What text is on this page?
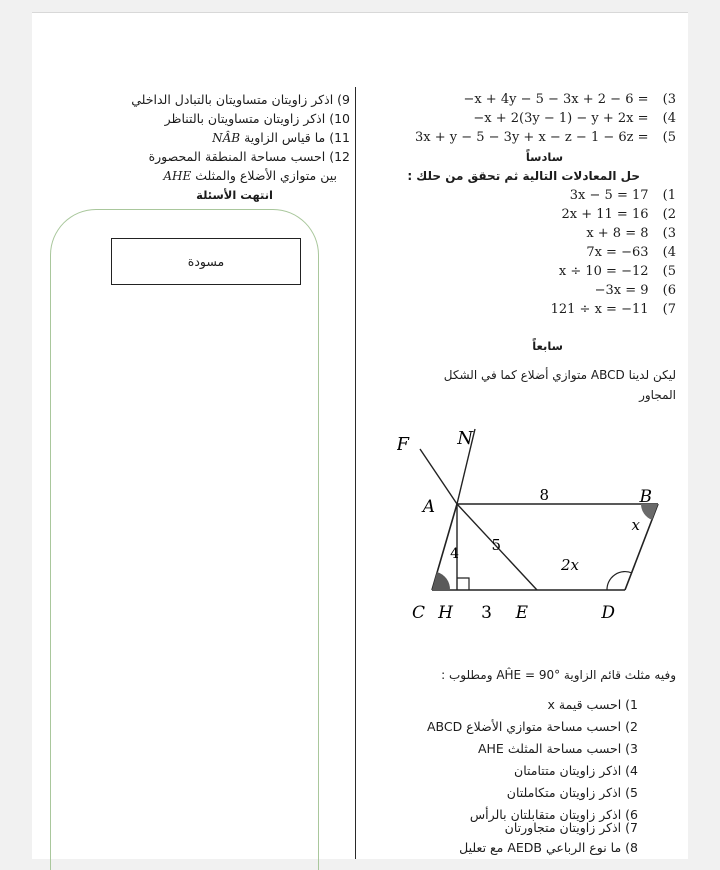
9) اذكر زاويتان متساويتان بالتبادل الداخلي
10) اذكر زاويتان متساويتان بالتناظر
11) ما قياس الزاوية NÂB
12) احسب مساحة المنطقة المحصورة
بين متوازي الأضلاع والمثلث AHE
انتهت الأسئلة
مسودة
−x + 4y − 5 − 3x + 2 − 6 = (3
−x + 2(3y − 1) − y + 2x = (4
3x + y − 5 − 3y + x − z − 1 − 6z = (5
سادساً
حل المعادلات التالية ثم تحقق من حلك :
3x − 5 = 17 (1
2x + 11 = 16 (2
x + 8 = 8 (3
7x = −63 (4
x ÷ 10 = −12 (5
−3x = 9 (6
121 ÷ x = −11 (7
سابعاً
ليكن لدينا ABCD متوازي أضلاع كما في الشكل
المجاور
F	N
A	B
C H 3 E	D
8
5
4
x
2x
وفيه مثلث قائم الزاوية AĤE = 90° ومطلوب :
1) احسب قيمة x
2) احسب مساحة متوازي الأضلاع ABCD
3) احسب مساحة المثلث AHE
4) اذكر زاويتان متتامتان
5) اذكر زاويتان متكاملتان
6) اذكر زاويتان متقابلتان بالرأس
7) اذكر زاويتان متجاورتان
8) ما نوع الرباعي AEDB مع تعليل
